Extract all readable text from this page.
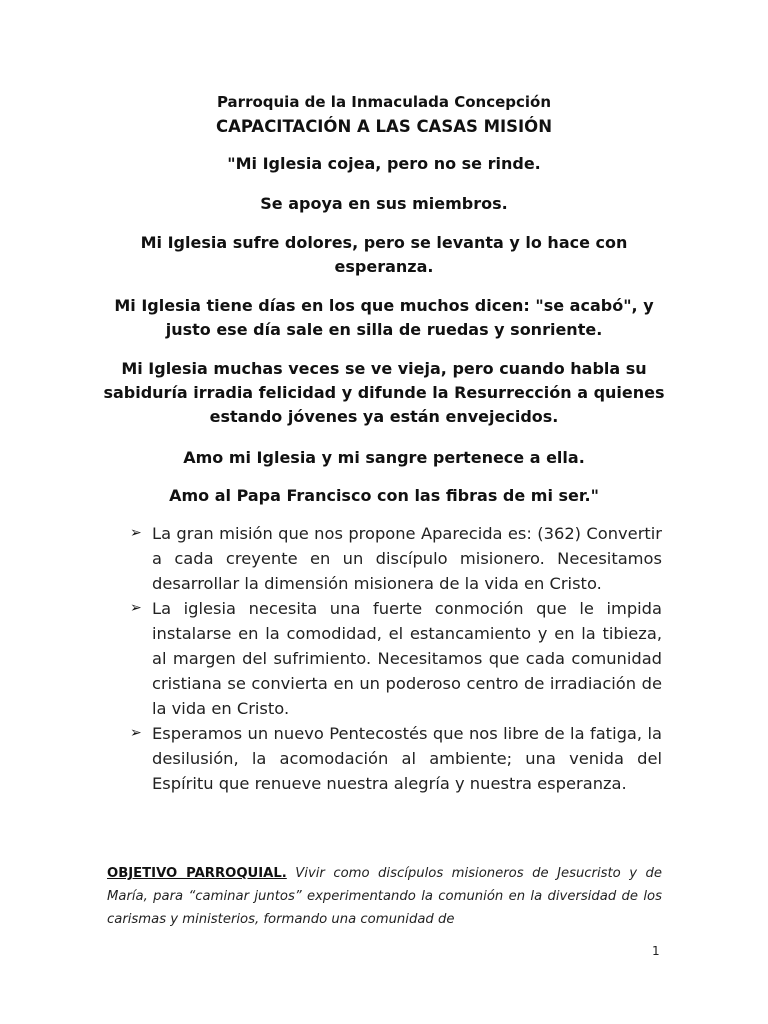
Parroquia de la Inmaculada Concepción
CAPACITACIÓN A LAS CASAS MISIÓN
"Mi Iglesia cojea, pero no se rinde.
Se apoya en sus miembros.
Mi Iglesia sufre dolores, pero se levanta y lo hace con esperanza.
Mi Iglesia tiene días en los que muchos dicen: "se acabó", y justo ese día sale en silla de ruedas y sonriente.
Mi Iglesia muchas veces se ve vieja, pero cuando habla su sabiduría irradia felicidad y difunde la Resurrección a quienes estando jóvenes ya están envejecidos.
Amo mi Iglesia y mi sangre pertenece a ella.
Amo al Papa Francisco con las fibras de mi ser."
➢ La gran misión que nos propone Aparecida es: (362) Convertir a cada creyente en un discípulo misionero. Necesitamos desarrollar la dimensión misionera de la vida en Cristo.
➢ La iglesia necesita una fuerte conmoción que le impida instalarse en la comodidad, el estancamiento y en la tibieza, al margen del sufrimiento. Necesitamos que cada comunidad cristiana se convierta en un poderoso centro de irradiación de la vida en Cristo.
➢ Esperamos un nuevo Pentecostés que nos libre de la fatiga, la desilusión, la acomodación al ambiente; una venida del Espíritu que renueve nuestra alegría y nuestra esperanza.
OBJETIVO PARROQUIAL. Vivir como discípulos misioneros de Jesucristo y de María, para “caminar juntos” experimentando la comunión en la diversidad de los carismas y ministerios, formando una comunidad de
1
